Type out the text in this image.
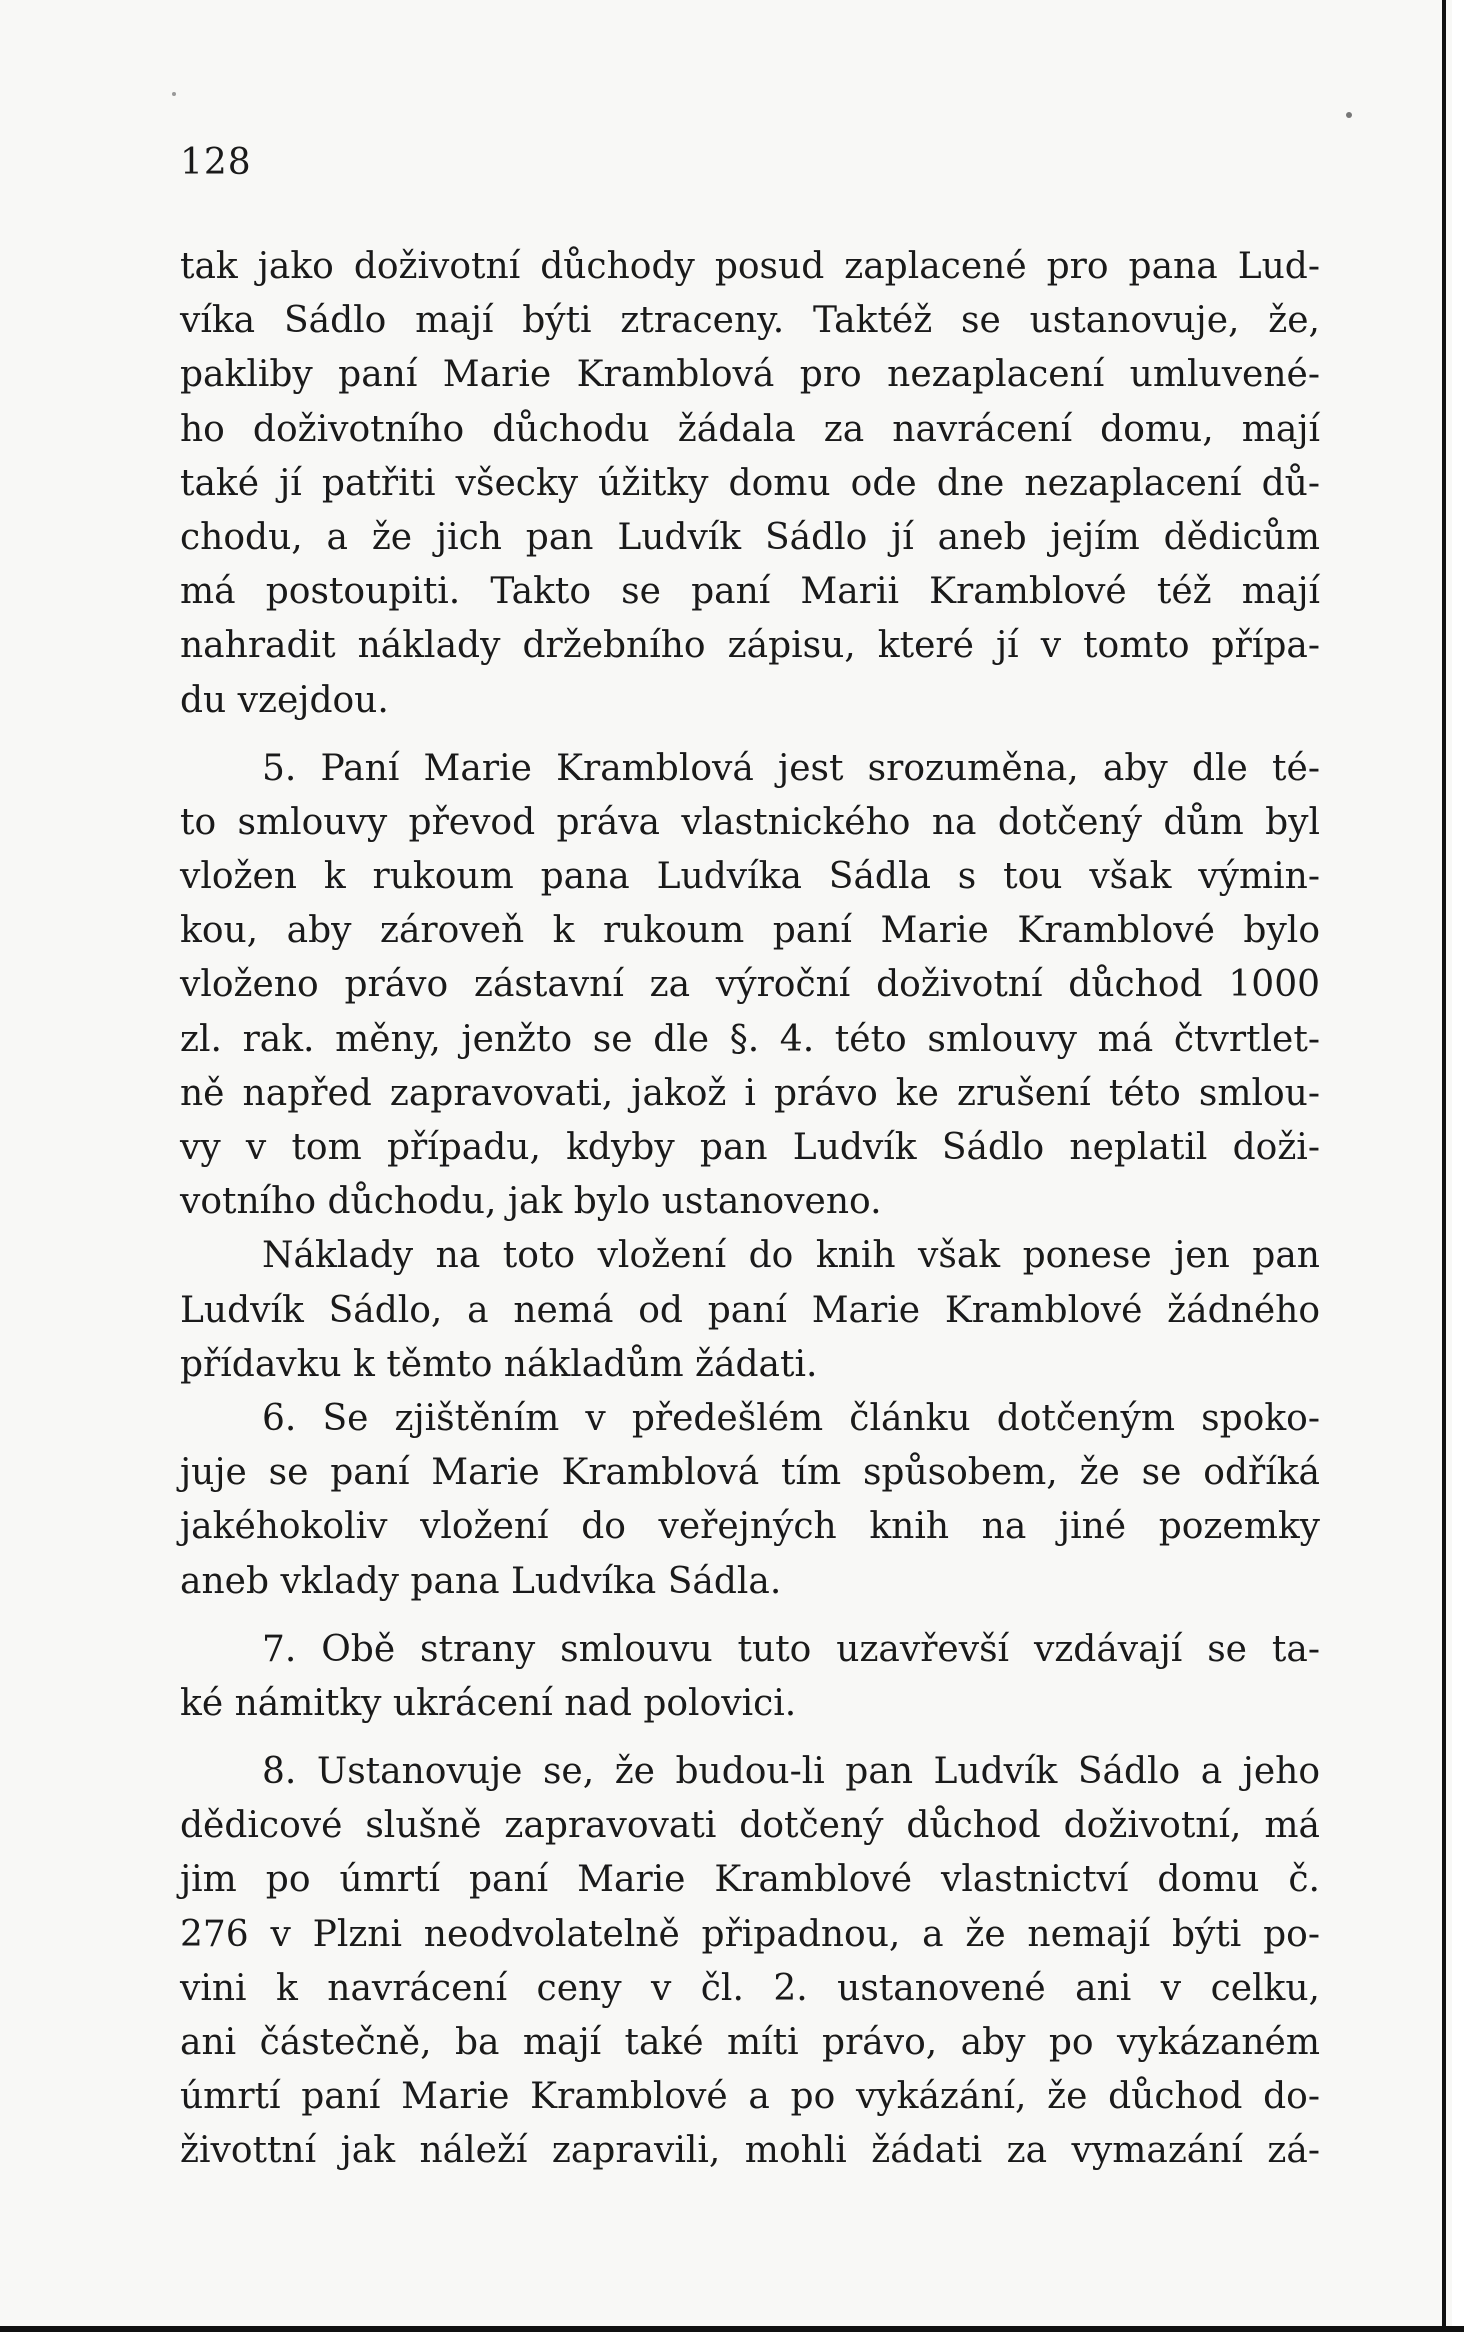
128
tak jako doživotní důchody posud zaplacené pro pana Lud-
víka Sádlo mají býti ztraceny. Taktéž se ustanovuje, že,
pakliby paní Marie Kramblová pro nezaplacení umluvené-
ho doživotního důchodu žádala za navrácení domu, mají
také jí patřiti všecky úžitky domu ode dne nezaplacení dů-
chodu, a že jich pan Ludvík Sádlo jí aneb jejím dědicům
má postoupiti. Takto se paní Marii Kramblové též mají
nahradit náklady držebního zápisu, které jí v tomto přípa-
du vzejdou.
5. Paní Marie Kramblová jest srozuměna, aby dle té-
to smlouvy převod práva vlastnického na dotčený dům byl
vložen k rukoum pana Ludvíka Sádla s tou však výmin-
kou, aby zároveň k rukoum paní Marie Kramblové bylo
vloženo právo zástavní za výroční doživotní důchod 1000
zl. rak. měny, jenžto se dle §. 4. této smlouvy má čtvrtlet-
ně napřed zapravovati, jakož i právo ke zrušení této smlou-
vy v tom případu, kdyby pan Ludvík Sádlo neplatil doži-
votního důchodu, jak bylo ustanoveno.
Náklady na toto vložení do knih však ponese jen pan
Ludvík Sádlo, a nemá od paní Marie Kramblové žádného
přídavku k těmto nákladům žádati.
6. Se zjištěním v předešlém článku dotčeným spoko-
juje se paní Marie Kramblová tím spůsobem, že se odříká
jakéhokoliv vložení do veřejných knih na jiné pozemky
aneb vklady pana Ludvíka Sádla.
7. Obě strany smlouvu tuto uzavřevší vzdávají se ta-
ké námitky ukrácení nad polovici.
8. Ustanovuje se, že budou-li pan Ludvík Sádlo a jeho
dědicové slušně zapravovati dotčený důchod doživotní, má
jim po úmrtí paní Marie Kramblové vlastnictví domu č.
276 v Plzni neodvolatelně připadnou, a že nemají býti po-
vini k navrácení ceny v čl. 2. ustanovené ani v celku,
ani částečně, ba mají také míti právo, aby po vykázaném
úmrtí paní Marie Kramblové a po vykázání, že důchod do-
živottní jak náleží zapravili, mohli žádati za vymazání zá-
